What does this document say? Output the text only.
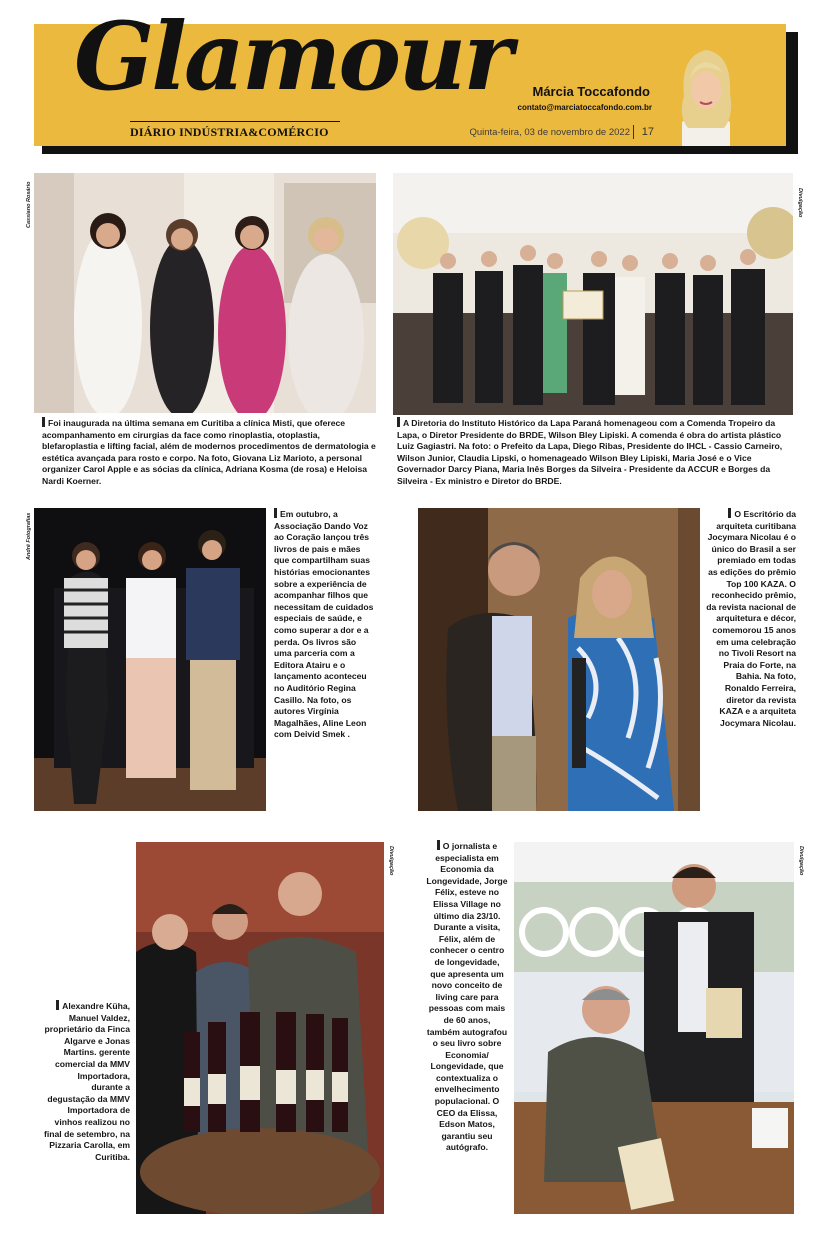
Glamour
DIÁRIO INDÚSTRIA&COMÉRCIO
Márcia Toccafondo
contato@marciatoccafondo.com.br
Quinta-feira, 03 de novembro de 2022 17
Cassiano Rosário
Foi inaugurada na última semana em Curitiba a clínica Misti, que oferece acompanhamento em cirurgias da face como rinoplastia, otoplastia, blefaroplastia e lifting facial, além de modernos procedimentos de dermatologia e estética avançada para rosto e corpo. Na foto, Giovana Liz Marioto, a personal organizer Carol Apple e as sócias da clínica, Adriana Kosma (de rosa) e Heloisa Nardi Koerner.
Divulgação
A Diretoria do Instituto Histórico da Lapa Paraná homenageou com a Comenda Tropeiro da Lapa, o Diretor Presidente do BRDE, Wilson Bley Lipiski. A comenda é obra do artista plástico Luiz Gagiastri. Na foto: o Prefeito da Lapa, Diego Ribas, Presidente do IHCL - Cassio Carneiro, Wilson Junior, Claudia Lipski, o homenageado Wilson Bley Lipiski, Maria José e o Vice Governador Darcy Piana, Maria Inês Borges da Silveira - Presidente da ACCUR e Borges da Silveira - Ex ministro e Diretor do BRDE.
André Fotografias	Em outubro, a Associação Dando Voz ao Coração lançou três livros de pais e mães que compartilham suas histórias emocionantes sobre a experiência de acompanhar filhos que necessitam de cuidados especiais de saúde, e como superar a dor e a perda. Os livros são uma parceria com a Editora Atairu e o lançamento aconteceu no Auditório Regina Casillo. Na foto, os autores Virgínia Magalhães, Aline Leon com Deivid Smek .
O Escritório da arquiteta curitibana Jocymara Nicolau é o único do Brasil a ser premiado em todas as edições do prêmio Top 100 KAZA. O reconhecido prêmio, da revista nacional de arquitetura e décor, comemorou 15 anos em uma celebração no Tivoli Resort na Praia do Forte, na Bahia. Na foto, Ronaldo Ferreira, diretor da revista KAZA e a arquiteta Jocymara Nicolau.
Alexandre Küha, Manuel Valdez, proprietário da Finca Algarve e Jonas Martins. gerente comercial da MMV Importadora, durante a degustação da MMV Importadora de vinhos realizou no final de setembro, na Pizzaria Carolla, em Curitiba.
Divulgação	O jornalista e especialista em Economia da Longevidade, Jorge Félix, esteve no Elissa Village no último dia 23/10. Durante a visita, Félix, além de conhecer o centro de longevidade, que apresenta um novo conceito de living care para pessoas com mais de 60 anos, também autografou o seu livro sobre Economia/ Longevidade, que contextualiza o envelhecimento populacional. O CEO da Elissa, Edson Matos, garantiu seu autógrafo.
Divulgação
